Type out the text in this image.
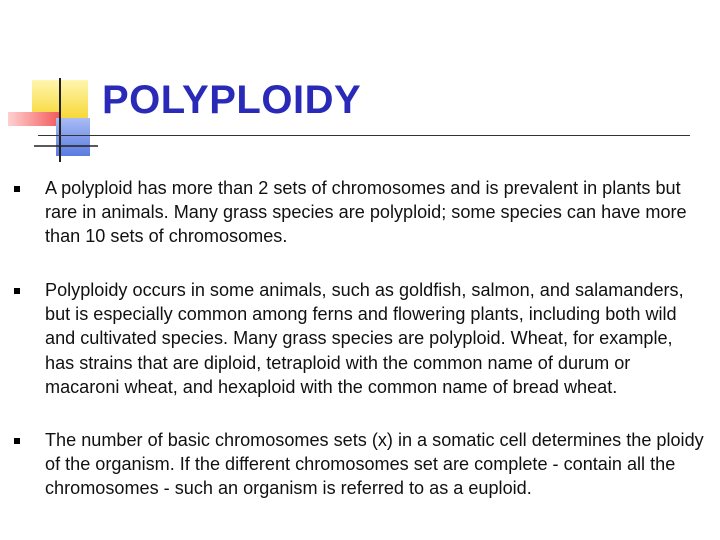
POLYPLOIDY
A polyploid has more than 2 sets of chromosomes and is prevalent in plants but rare in animals. Many grass species are polyploid; some species can have more than 10 sets of chromosomes.
Polyploidy occurs in some animals, such as goldfish, salmon, and salamanders, but is especially common among ferns and flowering plants, including both wild and cultivated species. Many grass species are polyploid. Wheat, for example, has strains that are diploid, tetraploid with the common name of durum or macaroni wheat, and hexaploid with the common name of bread wheat.
The number of basic chromosomes sets (x) in a somatic cell determines the ploidy of the organism. If the different chromosomes set are complete - contain all the chromosomes - such an organism is referred to as a euploid.
